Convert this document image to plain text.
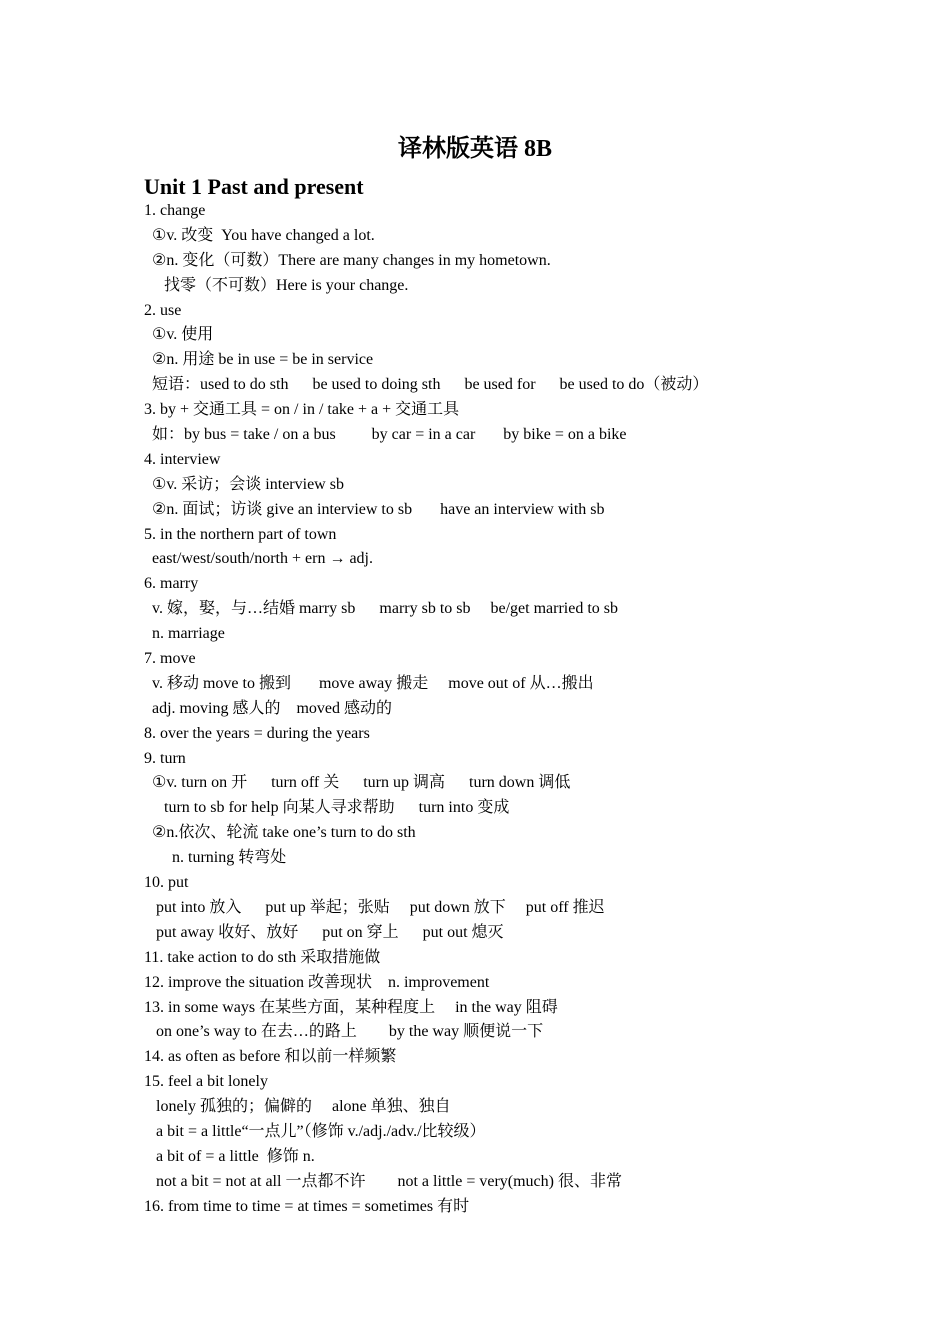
译林版英语 8B
Unit 1 Past and present
1. change
①v. 改变  You have changed a lot.
②n. 变化（可数）There are many changes in my hometown.
找零（不可数）Here is your change.
2. use
①v. 使用
②n. 用途 be in use = be in service
短语：used to do sth      be used to doing sth      be used for      be used to do（被动）
3. by + 交通工具 = on / in / take + a + 交通工具
如：by bus = take / on a bus         by car = in a car       by bike = on a bike
4. interview
①v. 采访；会谈 interview sb
②n. 面试；访谈 give an interview to sb       have an interview with sb
5. in the northern part of town
east/west/south/north + ern → adj.
6. marry
v. 嫁，娶，与…结婚 marry sb      marry sb to sb     be/get married to sb
n. marriage
7. move
v. 移动 move to 搬到       move away 搬走     move out of 从…搬出
adj. moving 感人的    moved 感动的
8. over the years = during the years
9. turn
①v. turn on 开      turn off 关      turn up 调高      turn down 调低
turn to sb for help 向某人寻求帮助      turn into 变成
②n.依次、轮流 take one’s turn to do sth
n. turning 转弯处
10. put
put into 放入      put up 举起；张贴     put down 放下     put off 推迟
put away 收好、放好      put on 穿上      put out 熄灭
11. take action to do sth 采取措施做
12. improve the situation 改善现状    n. improvement
13. in some ways 在某些方面，某种程度上     in the way 阻碍
on one’s way to 在去…的路上        by the way 顺便说一下
14. as often as before 和以前一样频繁
15. feel a bit lonely
lonely 孤独的；偏僻的     alone 单独、独自
a bit = a little“一点儿”（修饰 v./adj./adv./比较级）
a bit of = a little  修饰 n.
not a bit = not at all 一点都不许        not a little = very(much) 很、非常
16. from time to time = at times = sometimes 有时
